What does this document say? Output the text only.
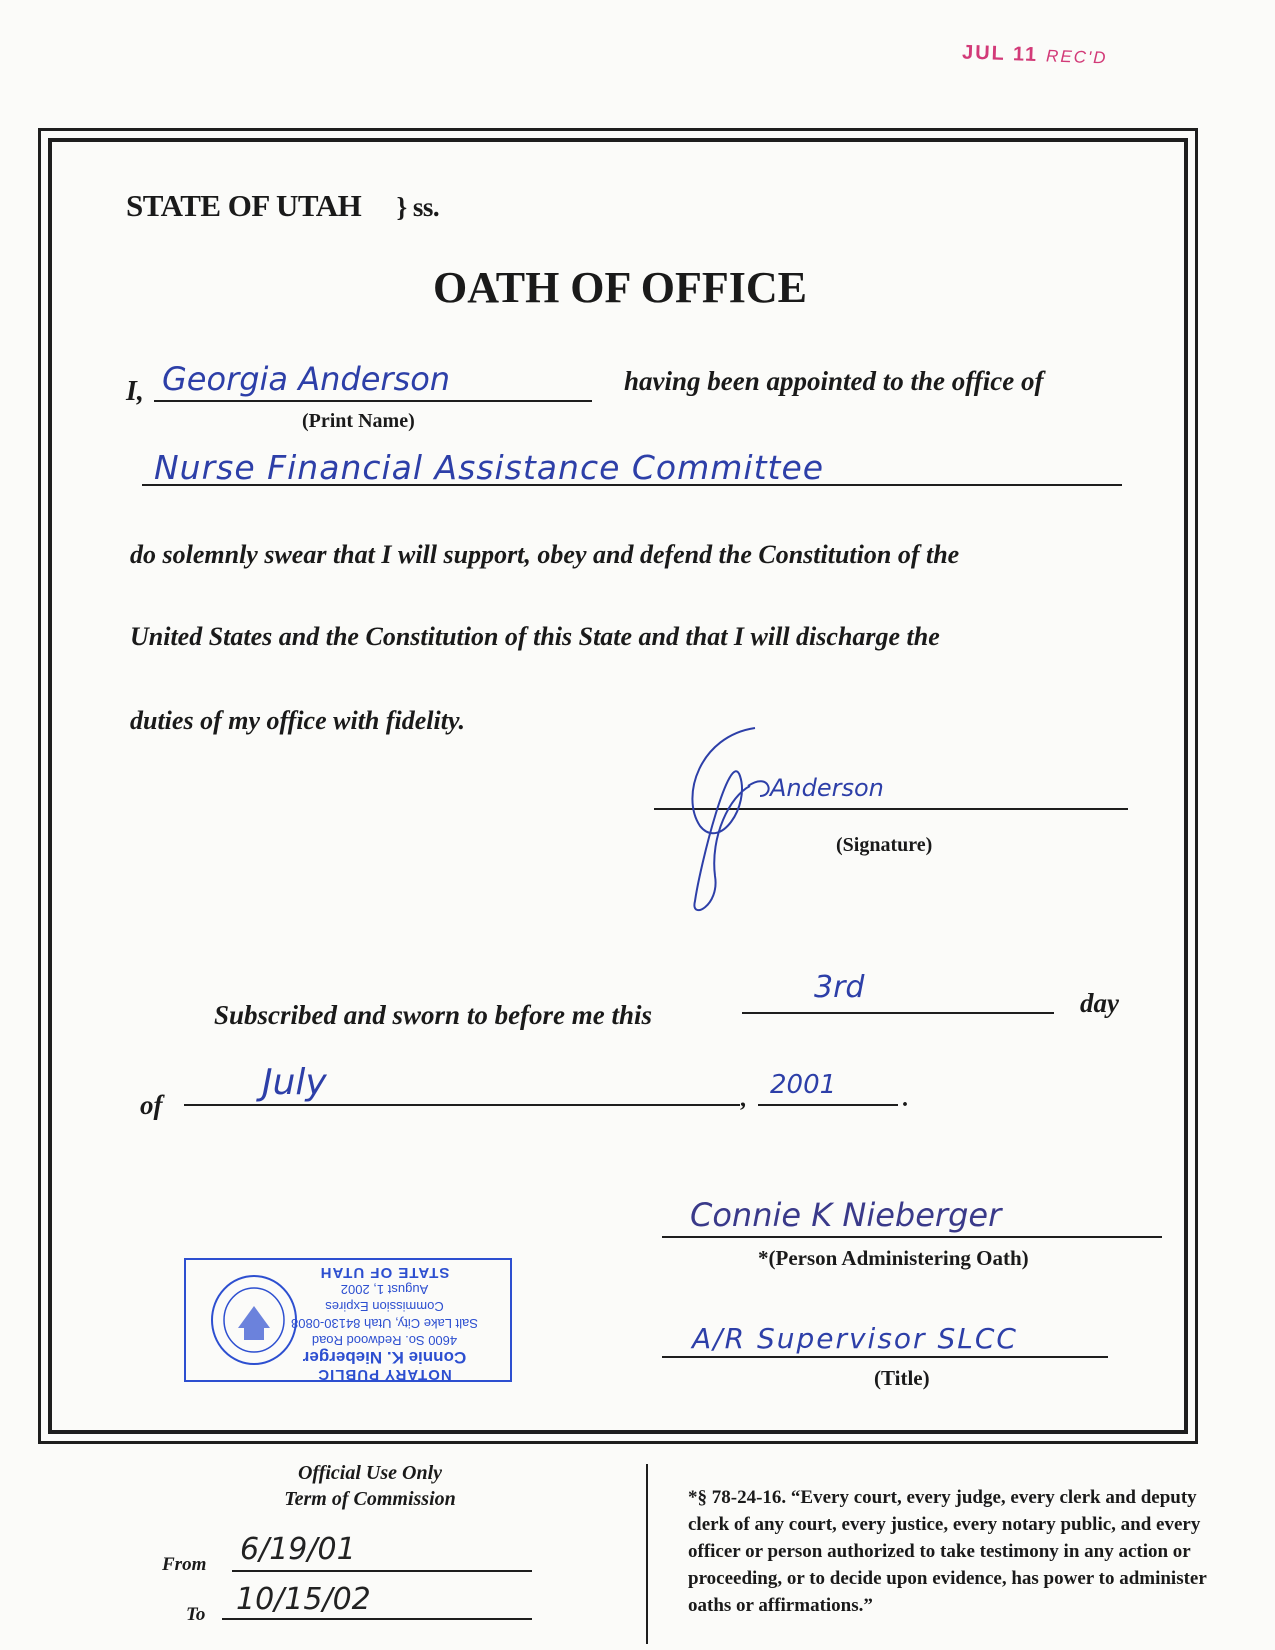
JUL 11 REC'D
STATE OF UTAH } ss.
OATH OF OFFICE
I, Georgia Anderson
(Print Name)
having been appointed to the office of
Nurse Financial Assistance Committee
do solemnly swear that I will support, obey and defend the Constitution of the
United States and the Constitution of this State and that I will discharge the
duties of my office with fidelity.
Anderson
(Signature)
Subscribed and sworn to before me this
3rd	day
of
July	, 2001	.
Connie K Nieberger
*(Person Administering Oath)
A/R Supervisor SLCC
(Title)
NOTARY PUBLIC
Connie K. Nieberger
4600 So. Redwood Road
Salt Lake City, Utah 84130-0808
Commission Expires
August 1, 2002
STATE OF UTAH
Official Use Only
Term of Commission
From 6/19/01
To 10/15/02
*§ 78-24-16. “Every court, every judge, every clerk and deputy clerk of any court, every justice, every notary public, and every officer or person authorized to take testimony in any action or proceeding, or to decide upon evidence, has power to administer oaths or affirmations.”
